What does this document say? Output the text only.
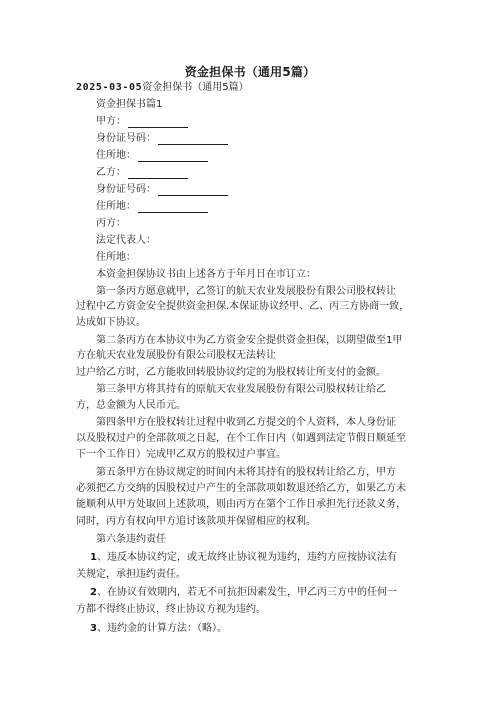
资金担保书（通用5篇）
2025-03-05资金担保书（通用5篇）
资金担保书篇1
甲方：
身份证号码：
住所地：
乙方：
身份证号码：
住所地：
丙方：
法定代表人：
住所地：
本资金担保协议书由上述各方于年月日在市订立：
第一条丙方愿意就甲，乙签订的航天农业发展股份有限公司股权转让
过程中乙方资金安全提供资金担保.本保证协议经甲、乙、丙三方协商一致，
达成如下协议。
第二条丙方在本协议中为乙方资金安全提供资金担保，以期望做至1甲
方在航天农业发展股份有限公司股权无法转让
过户给乙方时，乙方能收回转股协议约定的为股权转让所支付的金额。
第三条甲方将其持有的原航天农业发展股份有限公司股权转让给乙
方，总金额为人民币元。
第四条甲方在股权转让过程中收到乙方提交的个人资料，本人身份证
以及股权过户的全部款项之日起，在个工作日内（如遇到法定节假日顺延至
下一个工作日）完成甲乙双方的股权过户事宜。
第五条甲方在协议规定的时间内未将其持有的股权转让给乙方，甲方
必须把乙方交纳的因股权过户产生的全部款项如数退还给乙方，如果乙方未
能顺利从甲方处取回上述款项，则由丙方在第个工作日承担先行还款义务，
同时，丙方有权向甲方追讨该款项并保留相应的权利。
第六条违约责任
1、违反本协议约定，或无故终止协议视为违约，违约方应按协议法有
关规定，承担违约责任。
2、在协议有效期内，若无不可抗拒因素发生，甲乙丙三方中的任何一
方都不得终止协议，终止协议方视为违约。
3、违约金的计算方法：（略）。
